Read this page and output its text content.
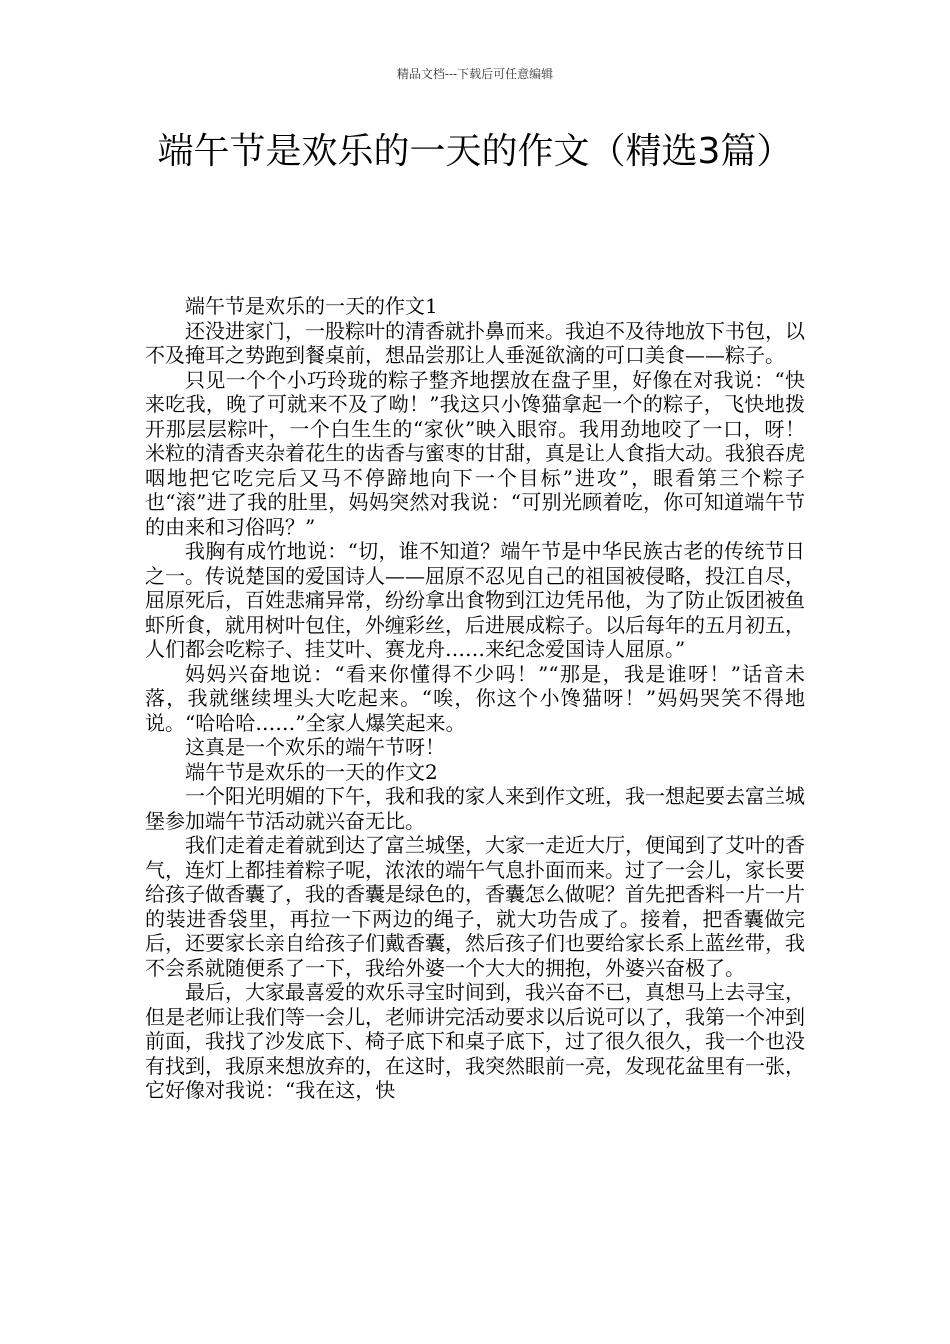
精品文档---下载后可任意编辑
端午节是欢乐的一天的作文（精选3篇）

端午节是欢乐的一天的作文1

还没进家门，一股粽叶的清香就扑鼻而来。我迫不及待地放下书包，以不及掩耳之势跑到餐桌前，想品尝那让人垂涎欲滴的可口美食——粽子。

只见一个个小巧玲珑的粽子整齐地摆放在盘子里，好像在对我说：“快来吃我，晚了可就来不及了呦！”我这只小馋猫拿起一个的粽子，飞快地拨开那层层粽叶，一个白生生的“家伙”映入眼帘。我用劲地咬了一口，呀！米粒的清香夹杂着花生的齿香与蜜枣的甘甜，真是让人食指大动。我狼吞虎咽地把它吃完后又马不停蹄地向下一个目标”进攻”，眼看第三个粽子也“滚”进了我的肚里，妈妈突然对我说：“可别光顾着吃，你可知道端午节的由来和习俗吗？”

我胸有成竹地说：“切，谁不知道？端午节是中华民族古老的传统节日之一。传说楚国的爱国诗人——屈原不忍见自己的祖国被侵略，投江自尽，屈原死后，百姓悲痛异常，纷纷拿出食物到江边凭吊他，为了防止饭团被鱼虾所食，就用树叶包住，外缠彩丝，后进展成粽子。以后每年的五月初五，人们都会吃粽子、挂艾叶、赛龙舟……来纪念爱国诗人屈原。”

妈妈兴奋地说：“看来你懂得不少吗！”“那是，我是谁呀！”话音未落，我就继续埋头大吃起来。“唉，你这个小馋猫呀！”妈妈哭笑不得地说。“哈哈哈……”全家人爆笑起来。

这真是一个欢乐的端午节呀！

端午节是欢乐的一天的作文2

一个阳光明媚的下午，我和我的家人来到作文班，我一想起要去富兰城堡参加端午节活动就兴奋无比。

我们走着走着就到达了富兰城堡，大家一走近大厅，便闻到了艾叶的香气，连灯上都挂着粽子呢，浓浓的端午气息扑面而来。过了一会儿，家长要给孩子做香囊了，我的香囊是绿色的，香囊怎么做呢？首先把香料一片一片的装进香袋里，再拉一下两边的绳子，就大功告成了。接着，把香囊做完后，还要家长亲自给孩子们戴香囊，然后孩子们也要给家长系上蓝丝带，我不会系就随便系了一下，我给外婆一个大大的拥抱，外婆兴奋极了。

最后，大家最喜爱的欢乐寻宝时间到，我兴奋不已，真想马上去寻宝，但是老师让我们等一会儿，老师讲完活动要求以后说可以了，我第一个冲到前面，我找了沙发底下、椅子底下和桌子底下，过了很久很久，我一个也没有找到，我原来想放弃的，在这时，我突然眼前一亮，发现花盆里有一张，它好像对我说：“我在这，快
